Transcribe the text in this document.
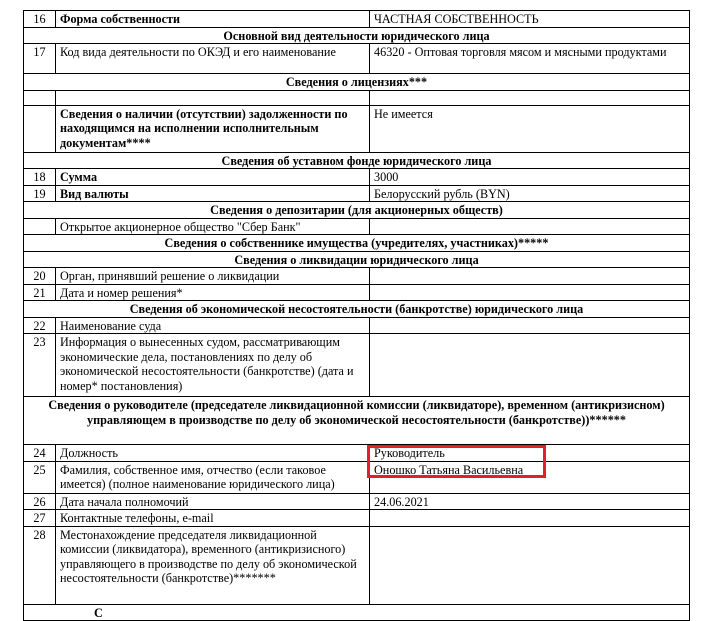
16	Форма собственности	ЧАСТНАЯ СОБСТВЕННОСТЬ
Основной вид деятельности юридического лица		
17	Код вида деятельности по ОКЭД и его наименование	46320 - Оптовая торговля мясом и мясными продуктами
Сведения о лицензиях***		

	Сведения о наличии (отсутствии) задолженности по находящимся на исполнении исполнительным документам****	Не имеется
Сведения об уставном фонде юридического лица		
18	Сумма	3000
19	Вид валюты	Белорусский рубль (BYN)
Сведения о депозитарии (для акционерных обществ)		
	Открытое акционерное общество "Сбер Банк"	
Сведения о собственнике имущества (учредителях, участниках)*****		
Сведения о ликвидации юридического лица		
20	Орган, принявший решение о ликвидации	
21	Дата и номер решения*	
Сведения об экономической несостоятельности (банкротстве) юридического лица		
22	Наименование суда	
23	Информация о вынесенных судом, рассматривающим экономические дела, постановлениях по делу об экономической несостоятельности (банкротстве) (дата и номер* постановления)	
Сведения о руководителе (председателе ликвидационной комиссии (ликвидаторе), временном (антикризисном) управляющем в производстве по делу об экономической несостоятельности (банкротстве))******		
24	Должность	Руководитель
25	Фамилия, собственное имя, отчество (если таковое имеется) (полное наименование юридического лица)	Оношко Татьяна Васильевна
26	Дата начала полномочий	24.06.2021
27	Контактные телефоны, e-mail	
28	Местонахождение председателя ликвидационной комиссии (ликвидатора), временного (антикризисного) управляющего в производстве по делу об экономической несостоятельности (банкротстве)*******	
С		
